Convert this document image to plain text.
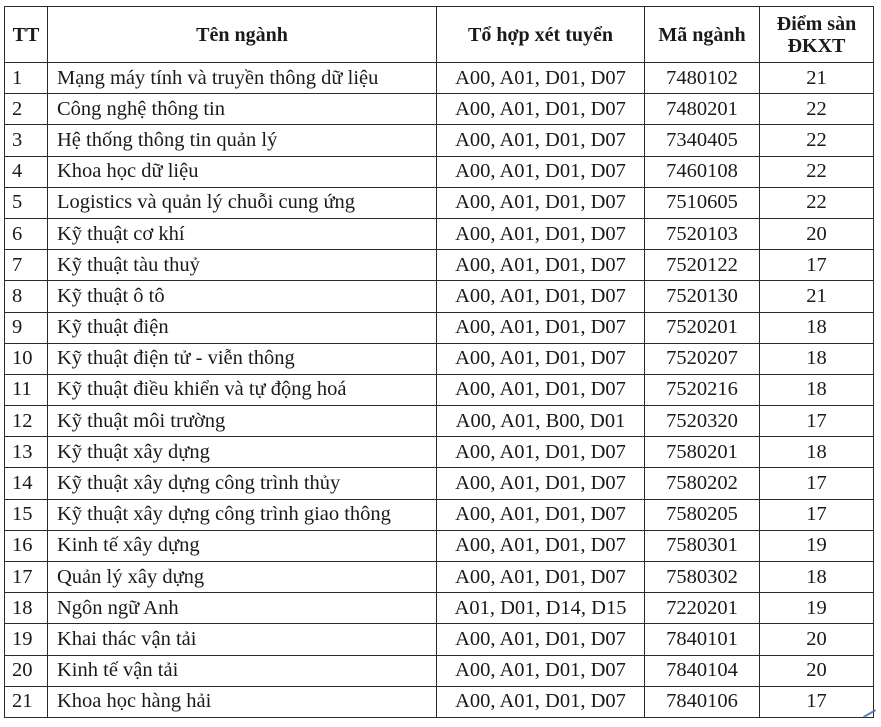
TT	Tên ngành	Tổ hợp xét tuyển	Mã ngành	Điểm sàn
ĐKXT

1	Mạng máy tính và truyền thông dữ liệu	A00, A01, D01, D07	7480102	21
2	Công nghệ thông tin	A00, A01, D01, D07	7480201	22
3	Hệ thống thông tin quản lý	A00, A01, D01, D07	7340405	22
4	Khoa học dữ liệu	A00, A01, D01, D07	7460108	22
5	Logistics và quản lý chuỗi cung ứng	A00, A01, D01, D07	7510605	22
6	Kỹ thuật cơ khí	A00, A01, D01, D07	7520103	20
7	Kỹ thuật tàu thuỷ	A00, A01, D01, D07	7520122	17
8	Kỹ thuật ô tô	A00, A01, D01, D07	7520130	21
9	Kỹ thuật điện	A00, A01, D01, D07	7520201	18
10	Kỹ thuật điện tử - viễn thông	A00, A01, D01, D07	7520207	18
11	Kỹ thuật điều khiển và tự động hoá	A00, A01, D01, D07	7520216	18
12	Kỹ thuật môi trường	A00, A01, B00, D01	7520320	17
13	Kỹ thuật xây dựng	A00, A01, D01, D07	7580201	18
14	Kỹ thuật xây dựng công trình thủy	A00, A01, D01, D07	7580202	17
15	Kỹ thuật xây dựng công trình giao thông	A00, A01, D01, D07	7580205	17
16	Kinh tế xây dựng	A00, A01, D01, D07	7580301	19
17	Quản lý xây dựng	A00, A01, D01, D07	7580302	18
18	Ngôn ngữ Anh	A01, D01, D14, D15	7220201	19
19	Khai thác vận tải	A00, A01, D01, D07	7840101	20
20	Kinh tế vận tải	A00, A01, D01, D07	7840104	20
21	Khoa học hàng hải	A00, A01, D01, D07	7840106	17
